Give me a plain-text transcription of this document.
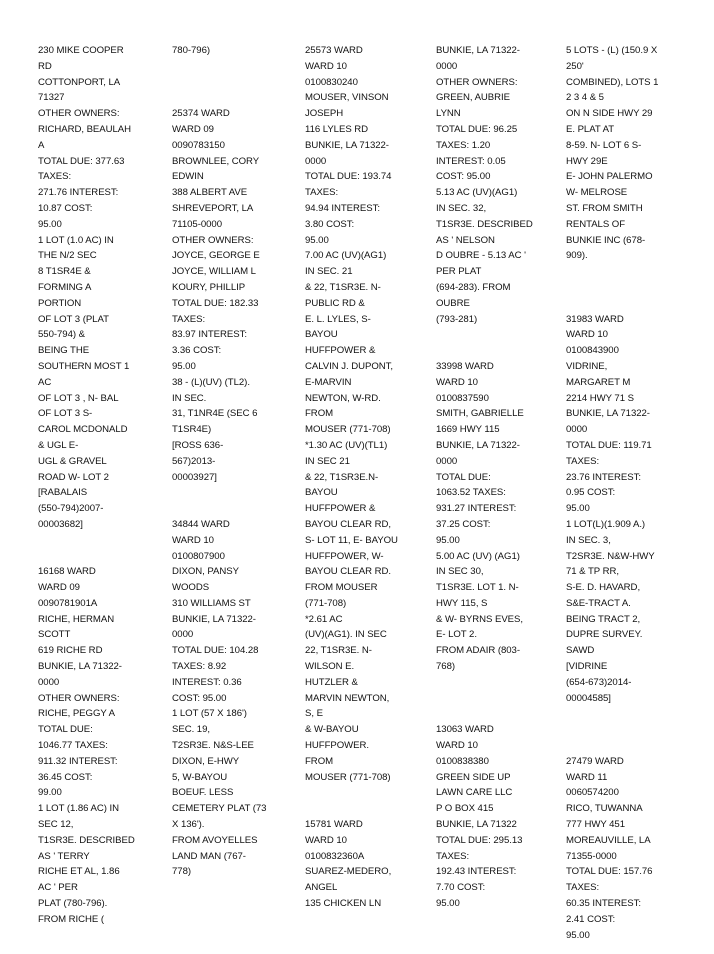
230 MIKE COOPER
RD
COTTONPORT, LA
71327
OTHER OWNERS:
RICHARD, BEAULAH
A
TOTAL DUE: 377.63
TAXES:
271.76 INTEREST:
10.87 COST:
95.00
1 LOT (1.0 AC) IN
THE N/2 SEC
8 T1SR4E &
FORMING A
PORTION
OF LOT 3 (PLAT
550-794) &
BEING THE
SOUTHERN MOST 1
AC
OF LOT 3 , N- BAL
OF LOT 3 S-
CAROL MCDONALD
& UGL E-
UGL & GRAVEL
ROAD W- LOT 2
[RABALAIS
(550-794)2007-
00003682]
16168 WARD
WARD 09
0090781901A
RICHE, HERMAN
SCOTT
619 RICHE RD
BUNKIE, LA 71322-
0000
OTHER OWNERS:
RICHE, PEGGY A
TOTAL DUE:
1046.77 TAXES:
911.32 INTEREST:
36.45 COST:
99.00
1 LOT (1.86 AC) IN
SEC 12,
T1SR3E. DESCRIBED
AS ' TERRY
RICHE ET AL, 1.86
AC ' PER
PLAT (780-796).
FROM RICHE (
780-796)
25374 WARD
WARD 09
0090783150
BROWNLEE, CORY
EDWIN
388 ALBERT AVE
SHREVEPORT, LA
71105-0000
OTHER OWNERS:
JOYCE, GEORGE E
JOYCE, WILLIAM L
KOURY, PHILLIP
TOTAL DUE: 182.33
TAXES:
83.97 INTEREST:
3.36 COST:
95.00
38 - (L)(UV) (TL2).
IN SEC.
31, T1NR4E (SEC 6
T1SR4E)
[ROSS 636-
567)2013-
00003927]
34844 WARD
WARD 10
0100807900
DIXON, PANSY
WOODS
310 WILLIAMS ST
BUNKIE, LA 71322-
0000
TOTAL DUE: 104.28
TAXES: 8.92
INTEREST: 0.36
COST: 95.00
1 LOT (57 X 186')
SEC. 19,
T2SR3E. N&S-LEE
DIXON, E-HWY
5, W-BAYOU
BOEUF. LESS
CEMETERY PLAT (73
X 136').
FROM AVOYELLES
LAND MAN (767-
778)
25573 WARD
WARD 10
0100830240
MOUSER, VINSON
JOSEPH
116 LYLES RD
BUNKIE, LA 71322-
0000
TOTAL DUE: 193.74
TAXES:
94.94 INTEREST:
3.80 COST:
95.00
7.00 AC (UV)(AG1)
IN SEC. 21
& 22, T1SR3E. N-
PUBLIC RD &
E. L. LYLES, S-
BAYOU
HUFFPOWER &
CALVIN J. DUPONT,
E-MARVIN
NEWTON, W-RD.
FROM
MOUSER (771-708)
*1.30 AC (UV)(TL1)
IN SEC 21
& 22, T1SR3E.N-
BAYOU
HUFFPOWER &
BAYOU CLEAR RD,
S- LOT 11, E- BAYOU
HUFFPOWER, W-
BAYOU CLEAR RD.
FROM MOUSER
(771-708)
*2.61 AC
(UV)(AG1). IN SEC
22, T1SR3E. N-
WILSON E.
HUTZLER &
MARVIN NEWTON,
S, E
& W-BAYOU
HUFFPOWER.
FROM
MOUSER (771-708)
15781 WARD
WARD 10
0100832360A
SUAREZ-MEDERO,
ANGEL
135 CHICKEN LN
BUNKIE, LA 71322-
0000
OTHER OWNERS:
GREEN, AUBRIE
LYNN
TOTAL DUE: 96.25
TAXES: 1.20
INTEREST: 0.05
COST: 95.00
5.13 AC (UV)(AG1)
IN SEC. 32,
T1SR3E. DESCRIBED
AS ' NELSON
D OUBRE - 5.13 AC '
PER PLAT
(694-283). FROM
OUBRE
(793-281)
33998 WARD
WARD 10
0100837590
SMITH, GABRIELLE
1669 HWY 115
BUNKIE, LA 71322-
0000
TOTAL DUE:
1063.52 TAXES:
931.27 INTEREST:
37.25 COST:
95.00
5.00 AC (UV) (AG1)
IN SEC 30,
T1SR3E. LOT 1. N-
HWY 115, S
& W- BYRNS EVES,
E- LOT 2.
FROM ADAIR (803-
768)
13063 WARD
WARD 10
0100838380
GREEN SIDE UP
LAWN CARE LLC
P O BOX 415
BUNKIE, LA 71322
TOTAL DUE: 295.13
TAXES:
192.43 INTEREST:
7.70 COST:
95.00
5 LOTS - (L) (150.9 X
250'
COMBINED), LOTS 1
2 3 4 & 5
ON N SIDE HWY 29
E. PLAT AT
8-59. N- LOT 6 S-
HWY 29E
E- JOHN PALERMO
W- MELROSE
ST. FROM SMITH
RENTALS OF
BUNKIE INC (678-
909).
31983 WARD
WARD 10
0100843900
VIDRINE,
MARGARET M
2214 HWY 71 S
BUNKIE, LA 71322-
0000
TOTAL DUE: 119.71
TAXES:
23.76 INTEREST:
0.95 COST:
95.00
1 LOT(L)(1.909 A.)
IN SEC. 3,
T2SR3E. N&W-HWY
71 & TP RR,
S-E. D. HAVARD,
S&E-TRACT A.
BEING TRACT 2,
DUPRE SURVEY.
SAWD
[VIDRINE
(654-673)2014-
00004585]
27479 WARD
WARD 11
0060574200
RICO, TUWANNA
777 HWY 451
MOREAUVILLE, LA
71355-0000
TOTAL DUE: 157.76
TAXES:
60.35 INTEREST:
2.41 COST:
95.00
